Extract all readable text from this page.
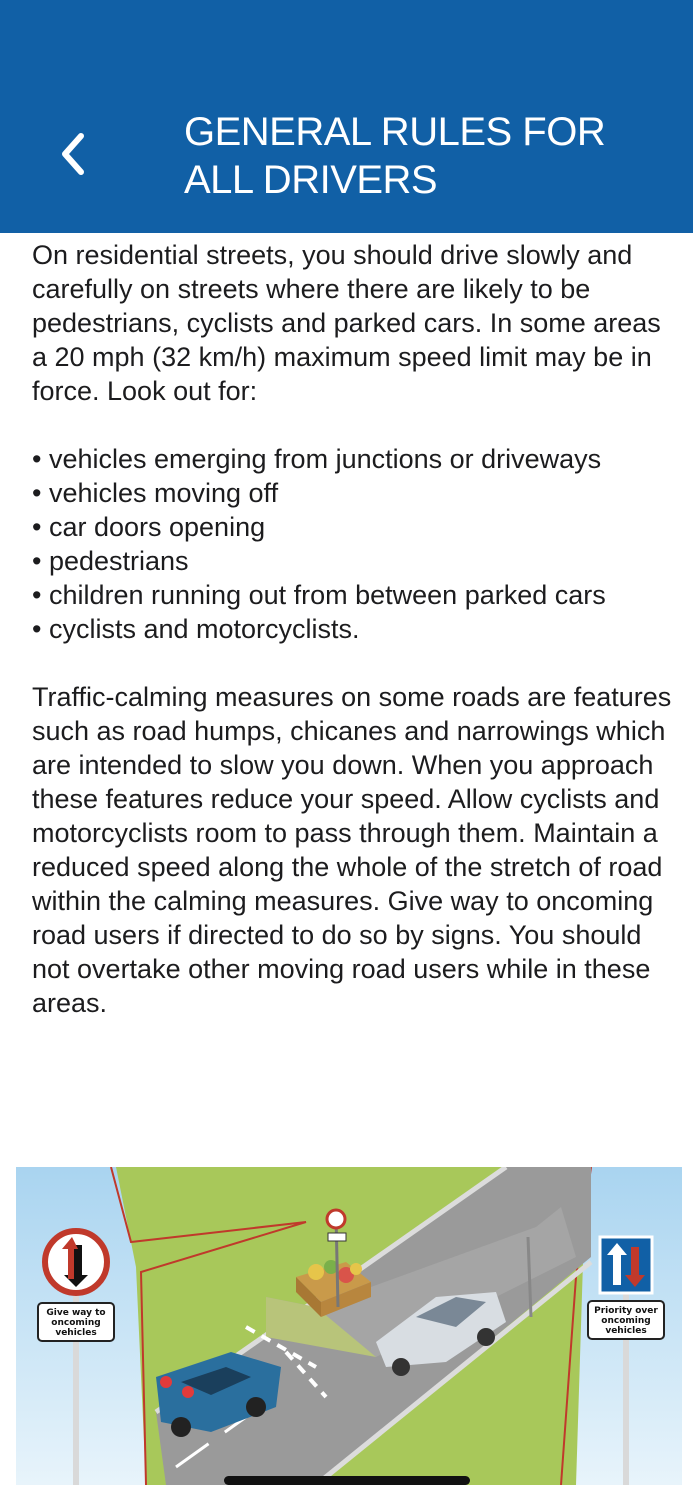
GENERAL RULES FOR ALL DRIVERS
On residential streets, you should drive slowly and carefully on streets where there are likely to be pedestrians, cyclists and parked cars. In some areas a 20 mph (32 km/h) maximum speed limit may be in force. Look out for:
• vehicles emerging from junctions or driveways
• vehicles moving off
• car doors opening
• pedestrians
• children running out from between parked cars
• cyclists and motorcyclists.
Traffic-calming measures on some roads are features such as road humps, chicanes and narrowings which are intended to slow you down. When you approach these features reduce your speed. Allow cyclists and motorcyclists room to pass through them. Maintain a reduced speed along the whole of the stretch of road within the calming measures. Give way to oncoming road users if directed to do so by signs. You should not overtake other moving road users while in these areas.
Give way to
oncoming
vehicles
Priority over
oncoming
vehicles
